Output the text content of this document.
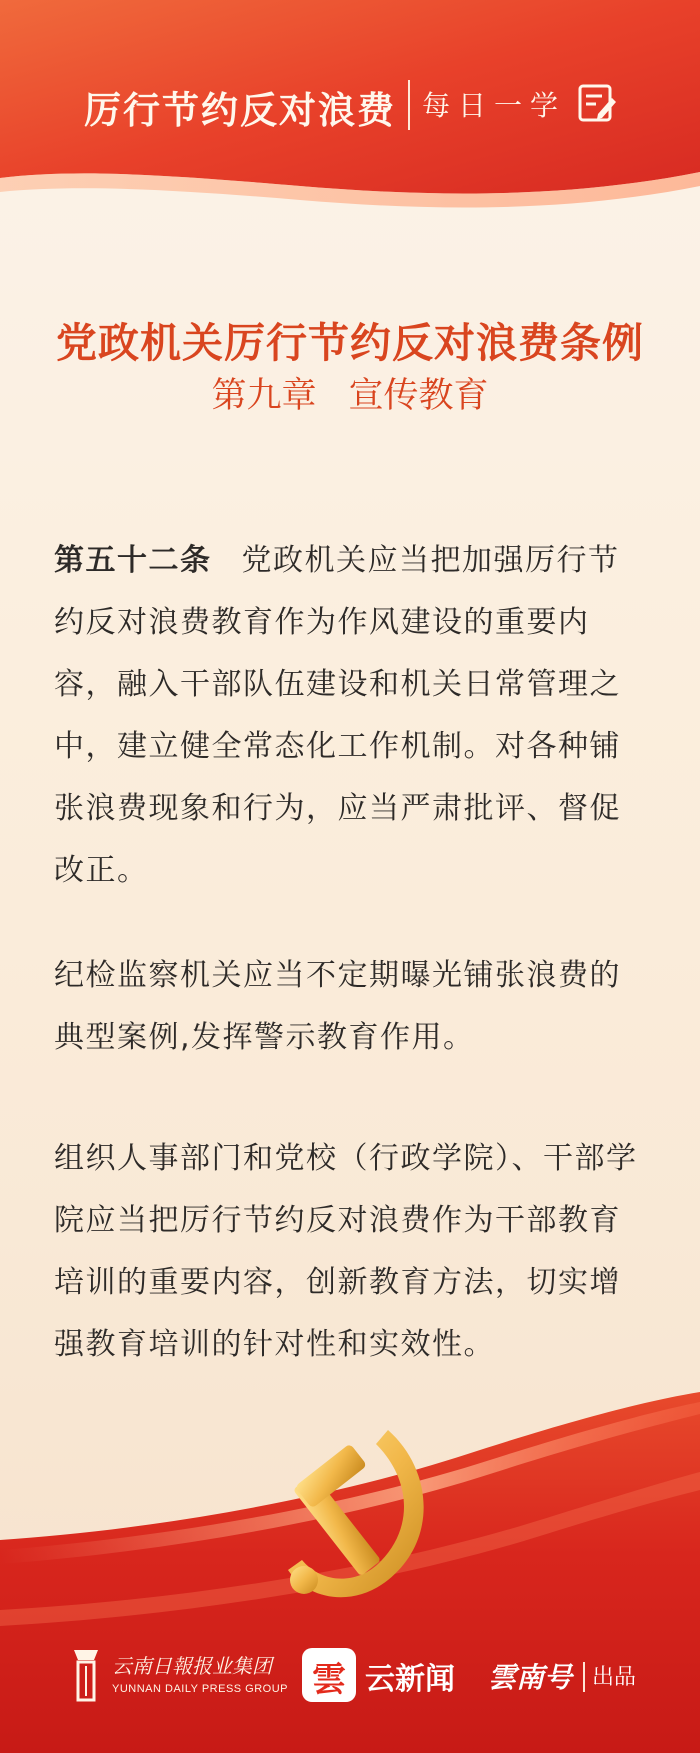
厉行节约反对浪费 每日一学
党政机关厉行节约反对浪费条例
第九章 宣传教育
第五十二条 党政机关应当把加强厉行节约反对浪费教育作为作风建设的重要内容，融入干部队伍建设和机关日常管理之中，建立健全常态化工作机制。对各种铺张浪费现象和行为，应当严肃批评、督促改正。
纪检监察机关应当不定期曝光铺张浪费的典型案例,发挥警示教育作用。
组织人事部门和党校（行政学院）、干部学院应当把厉行节约反对浪费作为干部教育培训的重要内容，创新教育方法，切实增强教育培训的针对性和实效性。
云南日報报业集团
YUNNAN DAILY PRESS GROUP 雲 云新闻 雲南号 出品
